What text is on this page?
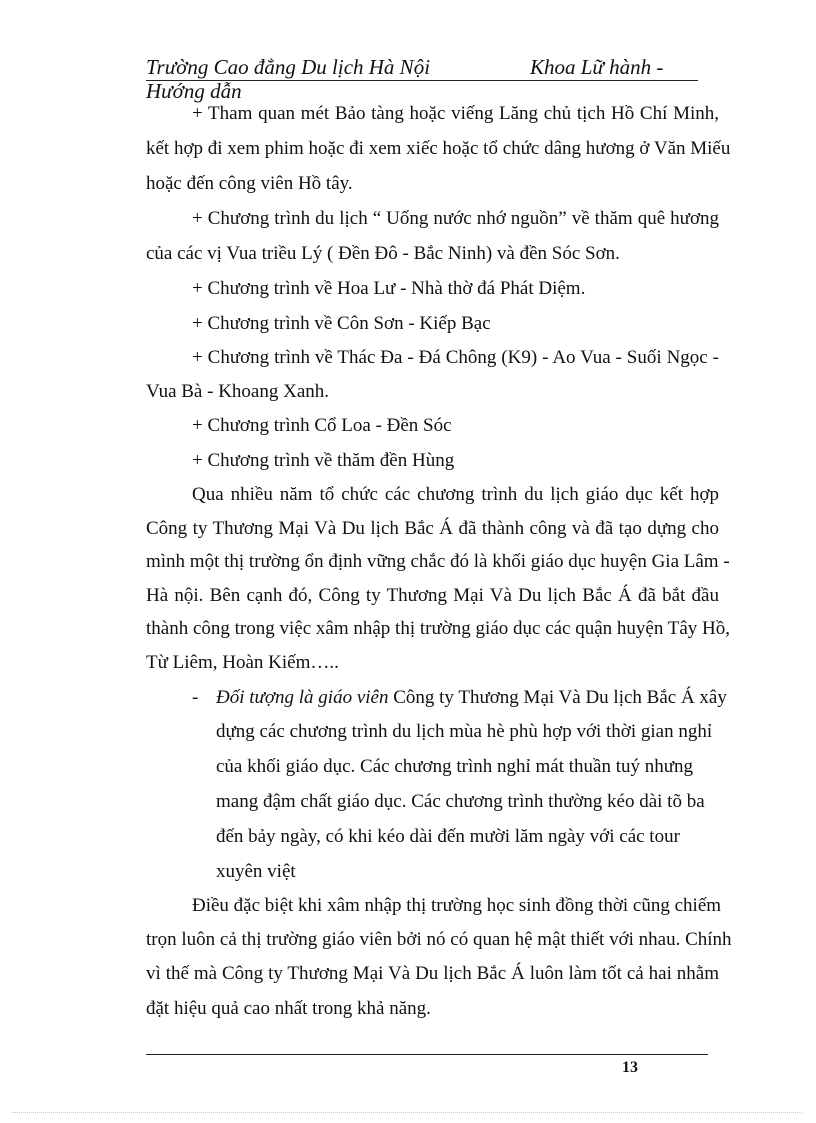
Trường Cao đẳng Du lịch Hà Nội	Khoa Lữ hành -
Hướng dẫn
+ Tham quan mét Bảo tàng hoặc viếng Lăng chủ tịch Hồ Chí Minh,
kết hợp đi xem phim hoặc đi xem xiếc hoặc tổ chức dâng hương ở Văn Miếu
hoặc đến công viên Hồ tây.
+ Chương trình du lịch “ Uống nước nhớ nguồn” về thăm quê hương
của các vị Vua triều Lý ( Đền Đô - Bắc Ninh) và đền Sóc Sơn.
+ Chương trình về Hoa Lư - Nhà thờ đá Phát Diệm.
+ Chương trình về Côn Sơn - Kiếp Bạc
+ Chương trình về Thác Đa - Đá Chông (K9) - Ao Vua - Suối Ngọc -
Vua Bà - Khoang Xanh.
+ Chương trình Cổ Loa - Đền Sóc
+ Chương trình về thăm đền Hùng
Qua nhiều năm tổ chức các chương trình du lịch giáo dục kết hợp
Công ty Thương Mại Và Du lịch Bắc Á đã thành công và đã tạo dựng cho
mình một thị trường ổn định vững chắc đó là khối giáo dục huyện Gia Lâm -
Hà nội. Bên cạnh đó, Công ty Thương Mại Và Du lịch Bắc Á đã bắt đầu
thành công trong việc xâm nhập thị trường giáo dục các quận huyện Tây Hồ,
Từ Liêm, Hoàn Kiếm…..
- Đối tượng là giáo viên Công ty Thương Mại Và Du lịch Bắc Á xây
dựng các chương trình du lịch mùa hè phù hợp với thời gian nghỉ
của khối giáo dục. Các chương trình nghỉ mát thuần tuý nhưng
mang đậm chất giáo dục. Các chương trình thường kéo dài tõ ba
đến bảy ngày, có khi kéo dài đến mười lăm ngày với các tour
xuyên việt
Điều đặc biệt khi xâm nhập thị trường học sinh đồng thời cũng chiếm
trọn luôn cả thị trường giáo viên bởi nó có quan hệ mật thiết với nhau. Chính
vì thế mà Công ty Thương Mại Và Du lịch Bắc Á luôn làm tốt cả hai nhằm
đặt hiệu quả cao nhất trong khả năng.
13
